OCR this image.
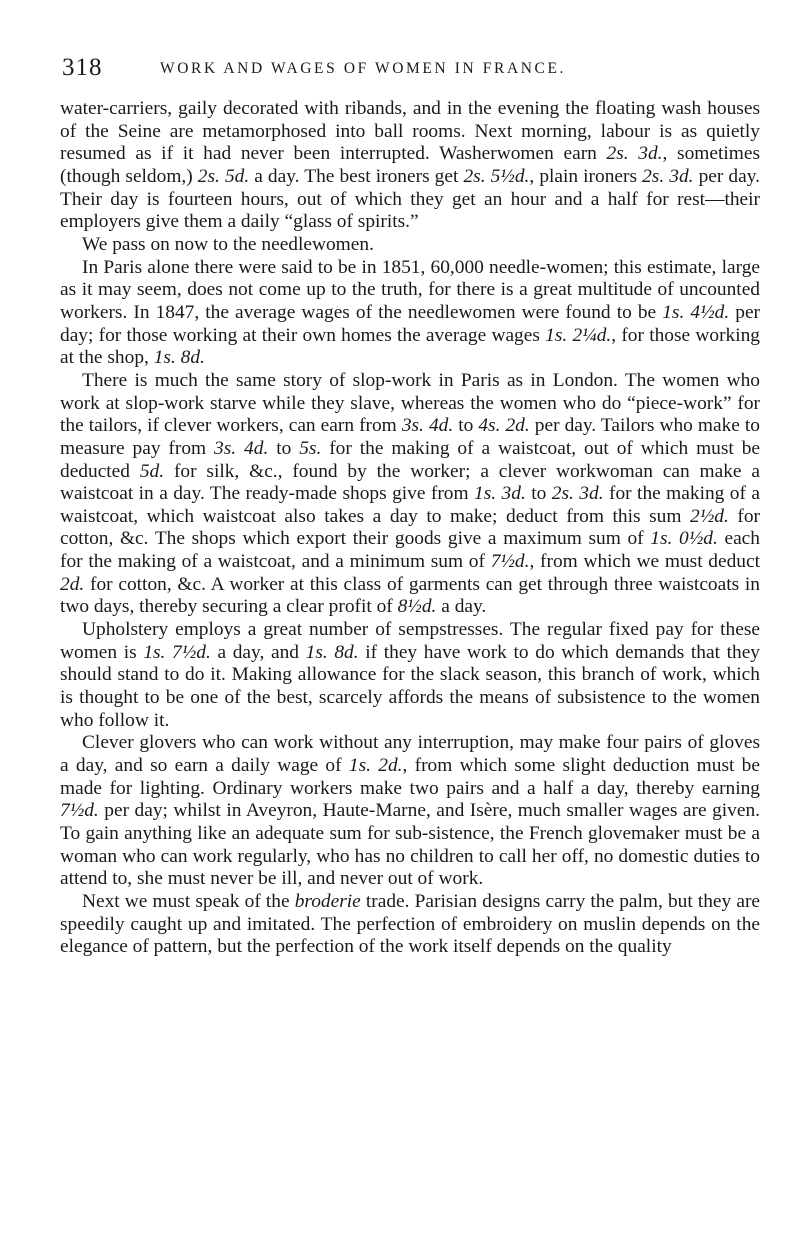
318	WORK AND WAGES OF WOMEN IN FRANCE.

water-carriers, gaily decorated with ribands, and in the evening the floating wash houses of the Seine are metamorphosed into ball rooms. Next morning, labour is as quietly resumed as if it had never been interrupted. Washerwomen earn 2s. 3d., sometimes (though seldom,) 2s. 5d. a day. The best ironers get 2s. 5½d., plain ironers 2s. 3d. per day. Their day is fourteen hours, out of which they get an hour and a half for rest—their employers give them a daily “glass of spirits.”

We pass on now to the needlewomen.

In Paris alone there were said to be in 1851, 60,000 needle-women; this estimate, large as it may seem, does not come up to the truth, for there is a great multitude of uncounted workers. In 1847, the average wages of the needlewomen were found to be 1s. 4½d. per day; for those working at their own homes the average wages 1s. 2¼d., for those working at the shop, 1s. 8d.

There is much the same story of slop-work in Paris as in London. The women who work at slop-work starve while they slave, whereas the women who do “piece-work” for the tailors, if clever workers, can earn from 3s. 4d. to 4s. 2d. per day. Tailors who make to measure pay from 3s. 4d. to 5s. for the making of a waistcoat, out of which must be deducted 5d. for silk, &c., found by the worker; a clever workwoman can make a waistcoat in a day. The ready-made shops give from 1s. 3d. to 2s. 3d. for the making of a waistcoat, which waistcoat also takes a day to make; deduct from this sum 2½d. for cotton, &c. The shops which export their goods give a maximum sum of 1s. 0½d. each for the making of a waistcoat, and a minimum sum of 7½d., from which we must deduct 2d. for cotton, &c. A worker at this class of garments can get through three waistcoats in two days, thereby securing a clear profit of 8½d. a day.

Upholstery employs a great number of sempstresses. The regular fixed pay for these women is 1s. 7½d. a day, and 1s. 8d. if they have work to do which demands that they should stand to do it. Making allowance for the slack season, this branch of work, which is thought to be one of the best, scarcely affords the means of subsistence to the women who follow it.

Clever glovers who can work without any interruption, may make four pairs of gloves a day, and so earn a daily wage of 1s. 2d., from which some slight deduction must be made for lighting. Ordinary workers make two pairs and a half a day, thereby earning 7½d. per day; whilst in Aveyron, Haute-Marne, and Isère, much smaller wages are given. To gain anything like an adequate sum for sub-sistence, the French glovemaker must be a woman who can work regularly, who has no children to call her off, no domestic duties to attend to, she must never be ill, and never out of work.

Next we must speak of the broderie trade. Parisian designs carry the palm, but they are speedily caught up and imitated. The perfection of embroidery on muslin depends on the elegance of pattern, but the perfection of the work itself depends on the quality
